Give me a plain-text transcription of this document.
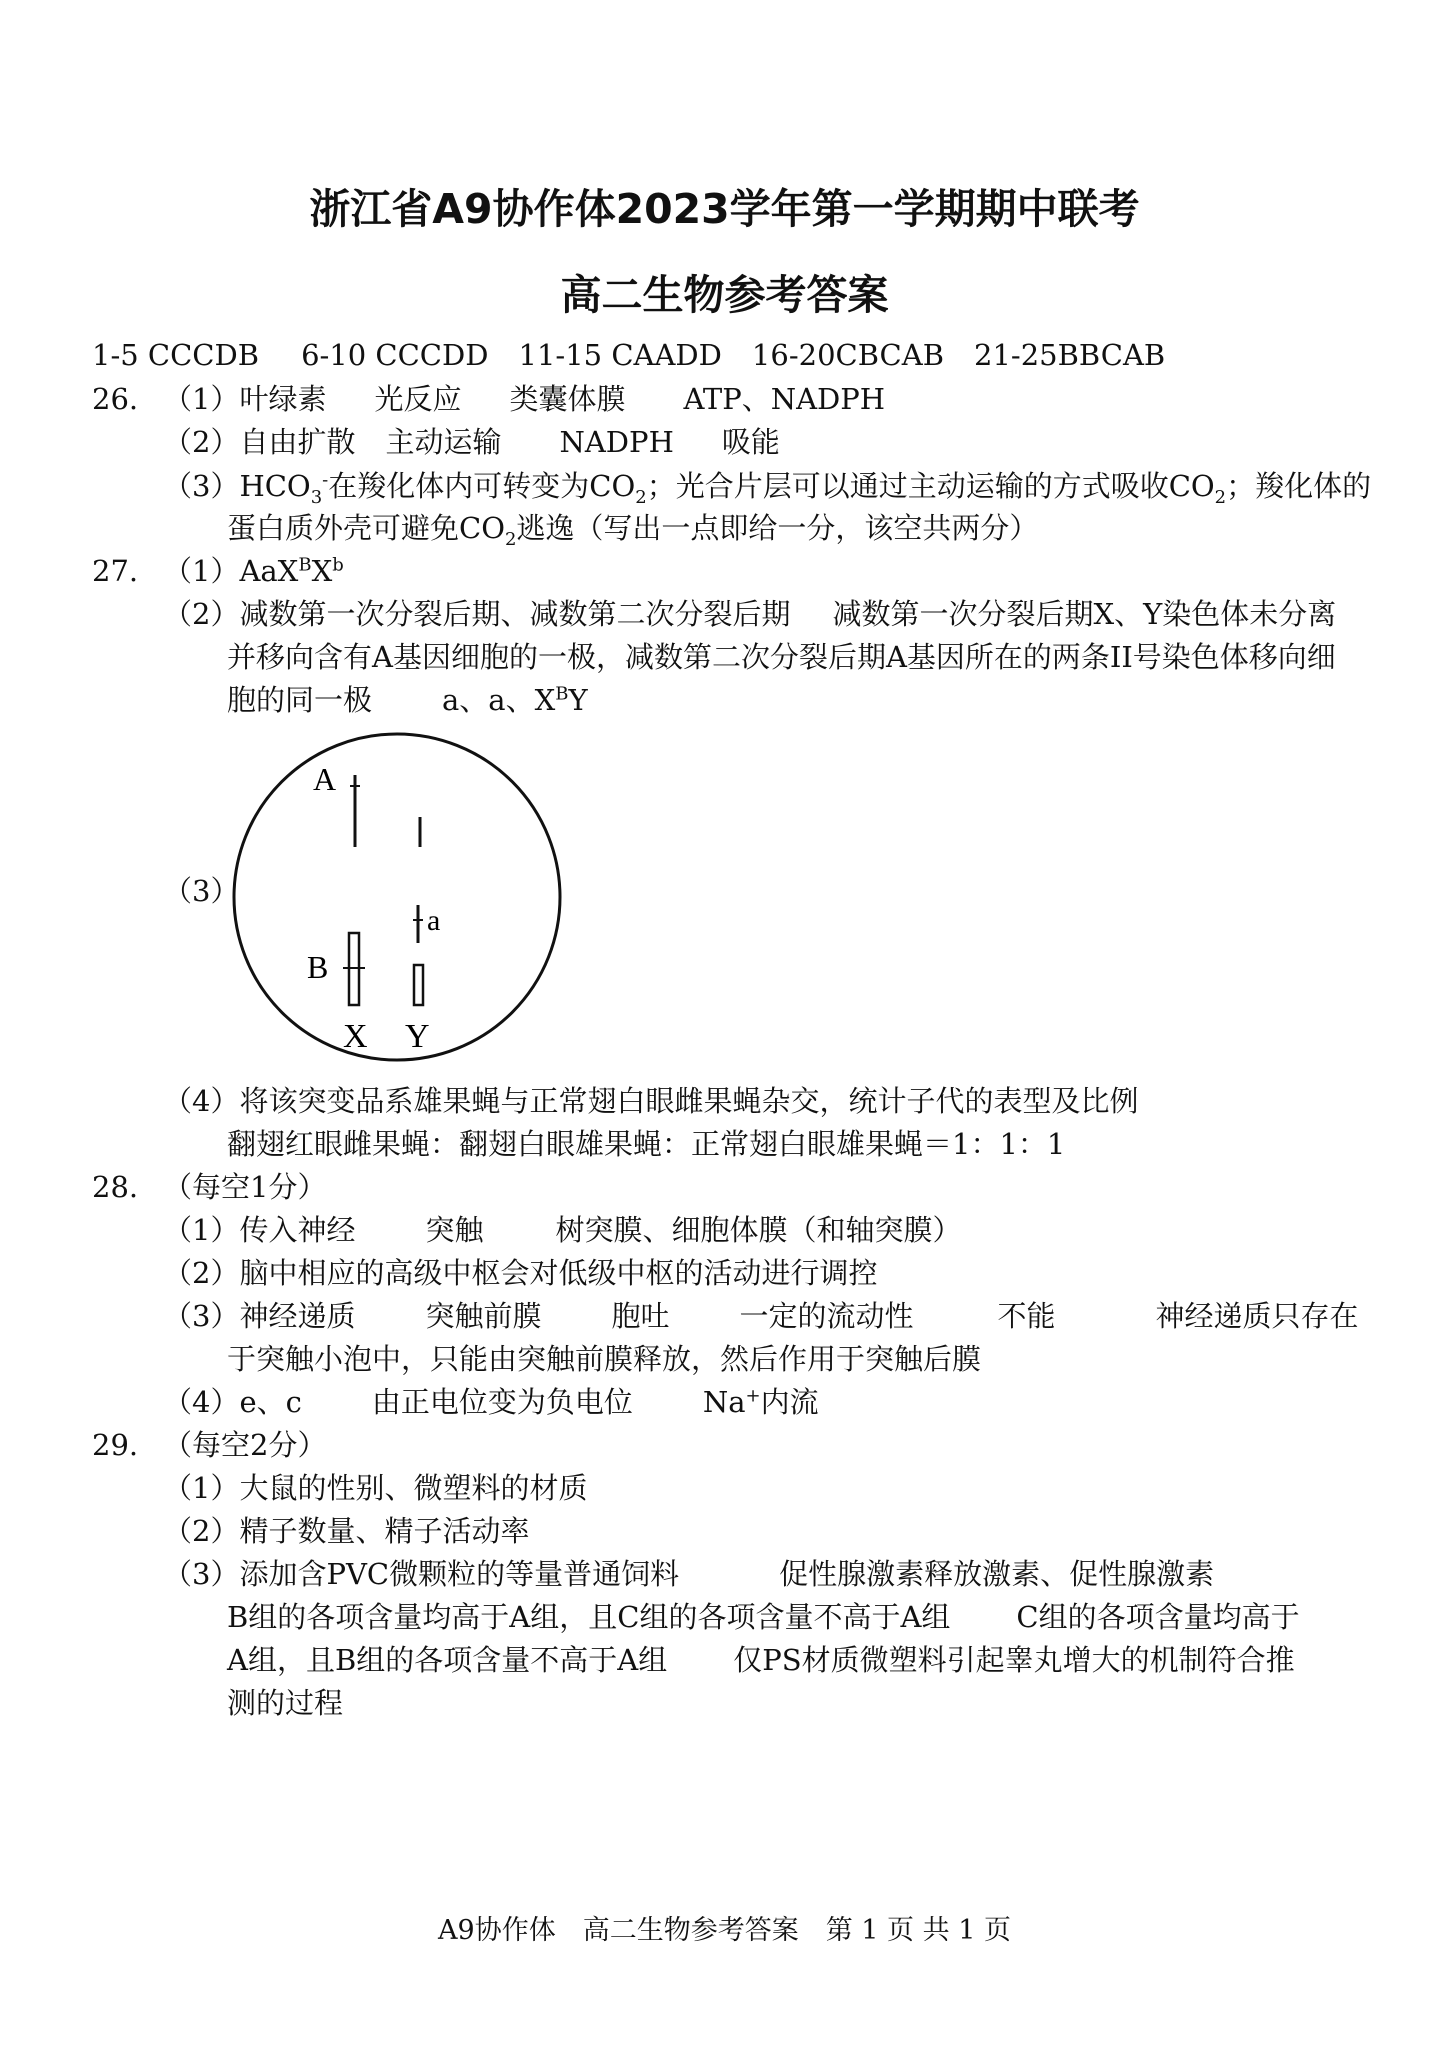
浙江省A9协作体2023学年第一学期期中联考
高二生物参考答案
1-5 CCCDB 6-10 CCCDD 11-15 CAADD 16-20CBCAB 21-25BBCAB
26. （1）叶绿素 光反应 类囊体膜 ATP、NADPH
（2）自由扩散 主动运输 NADPH 吸能
$(3)HCO_3^-$在羧化体内可转变为$CO_2$；光合片层可以通过主动运输的方式吸收$CO_2$；羧化体的
蛋白质外壳可避免$CO_2$逃逸（写出一点即给一分，该空共两分）
27. $(1)AaX^BX^b$
（2）减数第一次分裂后期、减数第二次分裂后期 减数第一次分裂后期X、Y染色体未分离
并移向含有A基因细胞的一极，减数第二次分裂后期A基因所在的两条II号染色体移向细
胞的同一极 a、a、$X^BY$
（3）
A
a
B
X Y
（4）将该突变品系雄果蝇与正常翅白眼雌果蝇杂交，统计子代的表型及比例
翻翅红眼雌果蝇：翻翅白眼雄果蝇：正常翅白眼雄果蝇＝1：1：1
28. （每空1分）
（1）传入神经 突触 树突膜、细胞体膜（和轴突膜）
（2）脑中相应的高级中枢会对低级中枢的活动进行调控
（3）神经递质 突触前膜 胞吐 一定的流动性	不能	神经递质只存在
于突触小泡中，只能由突触前膜释放，然后作用于突触后膜
（4）e、c 由正电位变为负电位 Na+内流
29. （每空2分）
（1）大鼠的性别、微塑料的材质
（2）精子数量、精子活动率
（3）添加含PVC微颗粒的等量普通饲料	促性腺激素释放激素、促性腺激素
B组的各项含量均高于A组，且C组的各项含量不高于A组 C组的各项含量均高于
A组，且B组的各项含量不高于A组 仅PS材质微塑料引起睾丸增大的机制符合推
测的过程
A9协作体　高二生物参考答案　第 1 页 共 1 页
